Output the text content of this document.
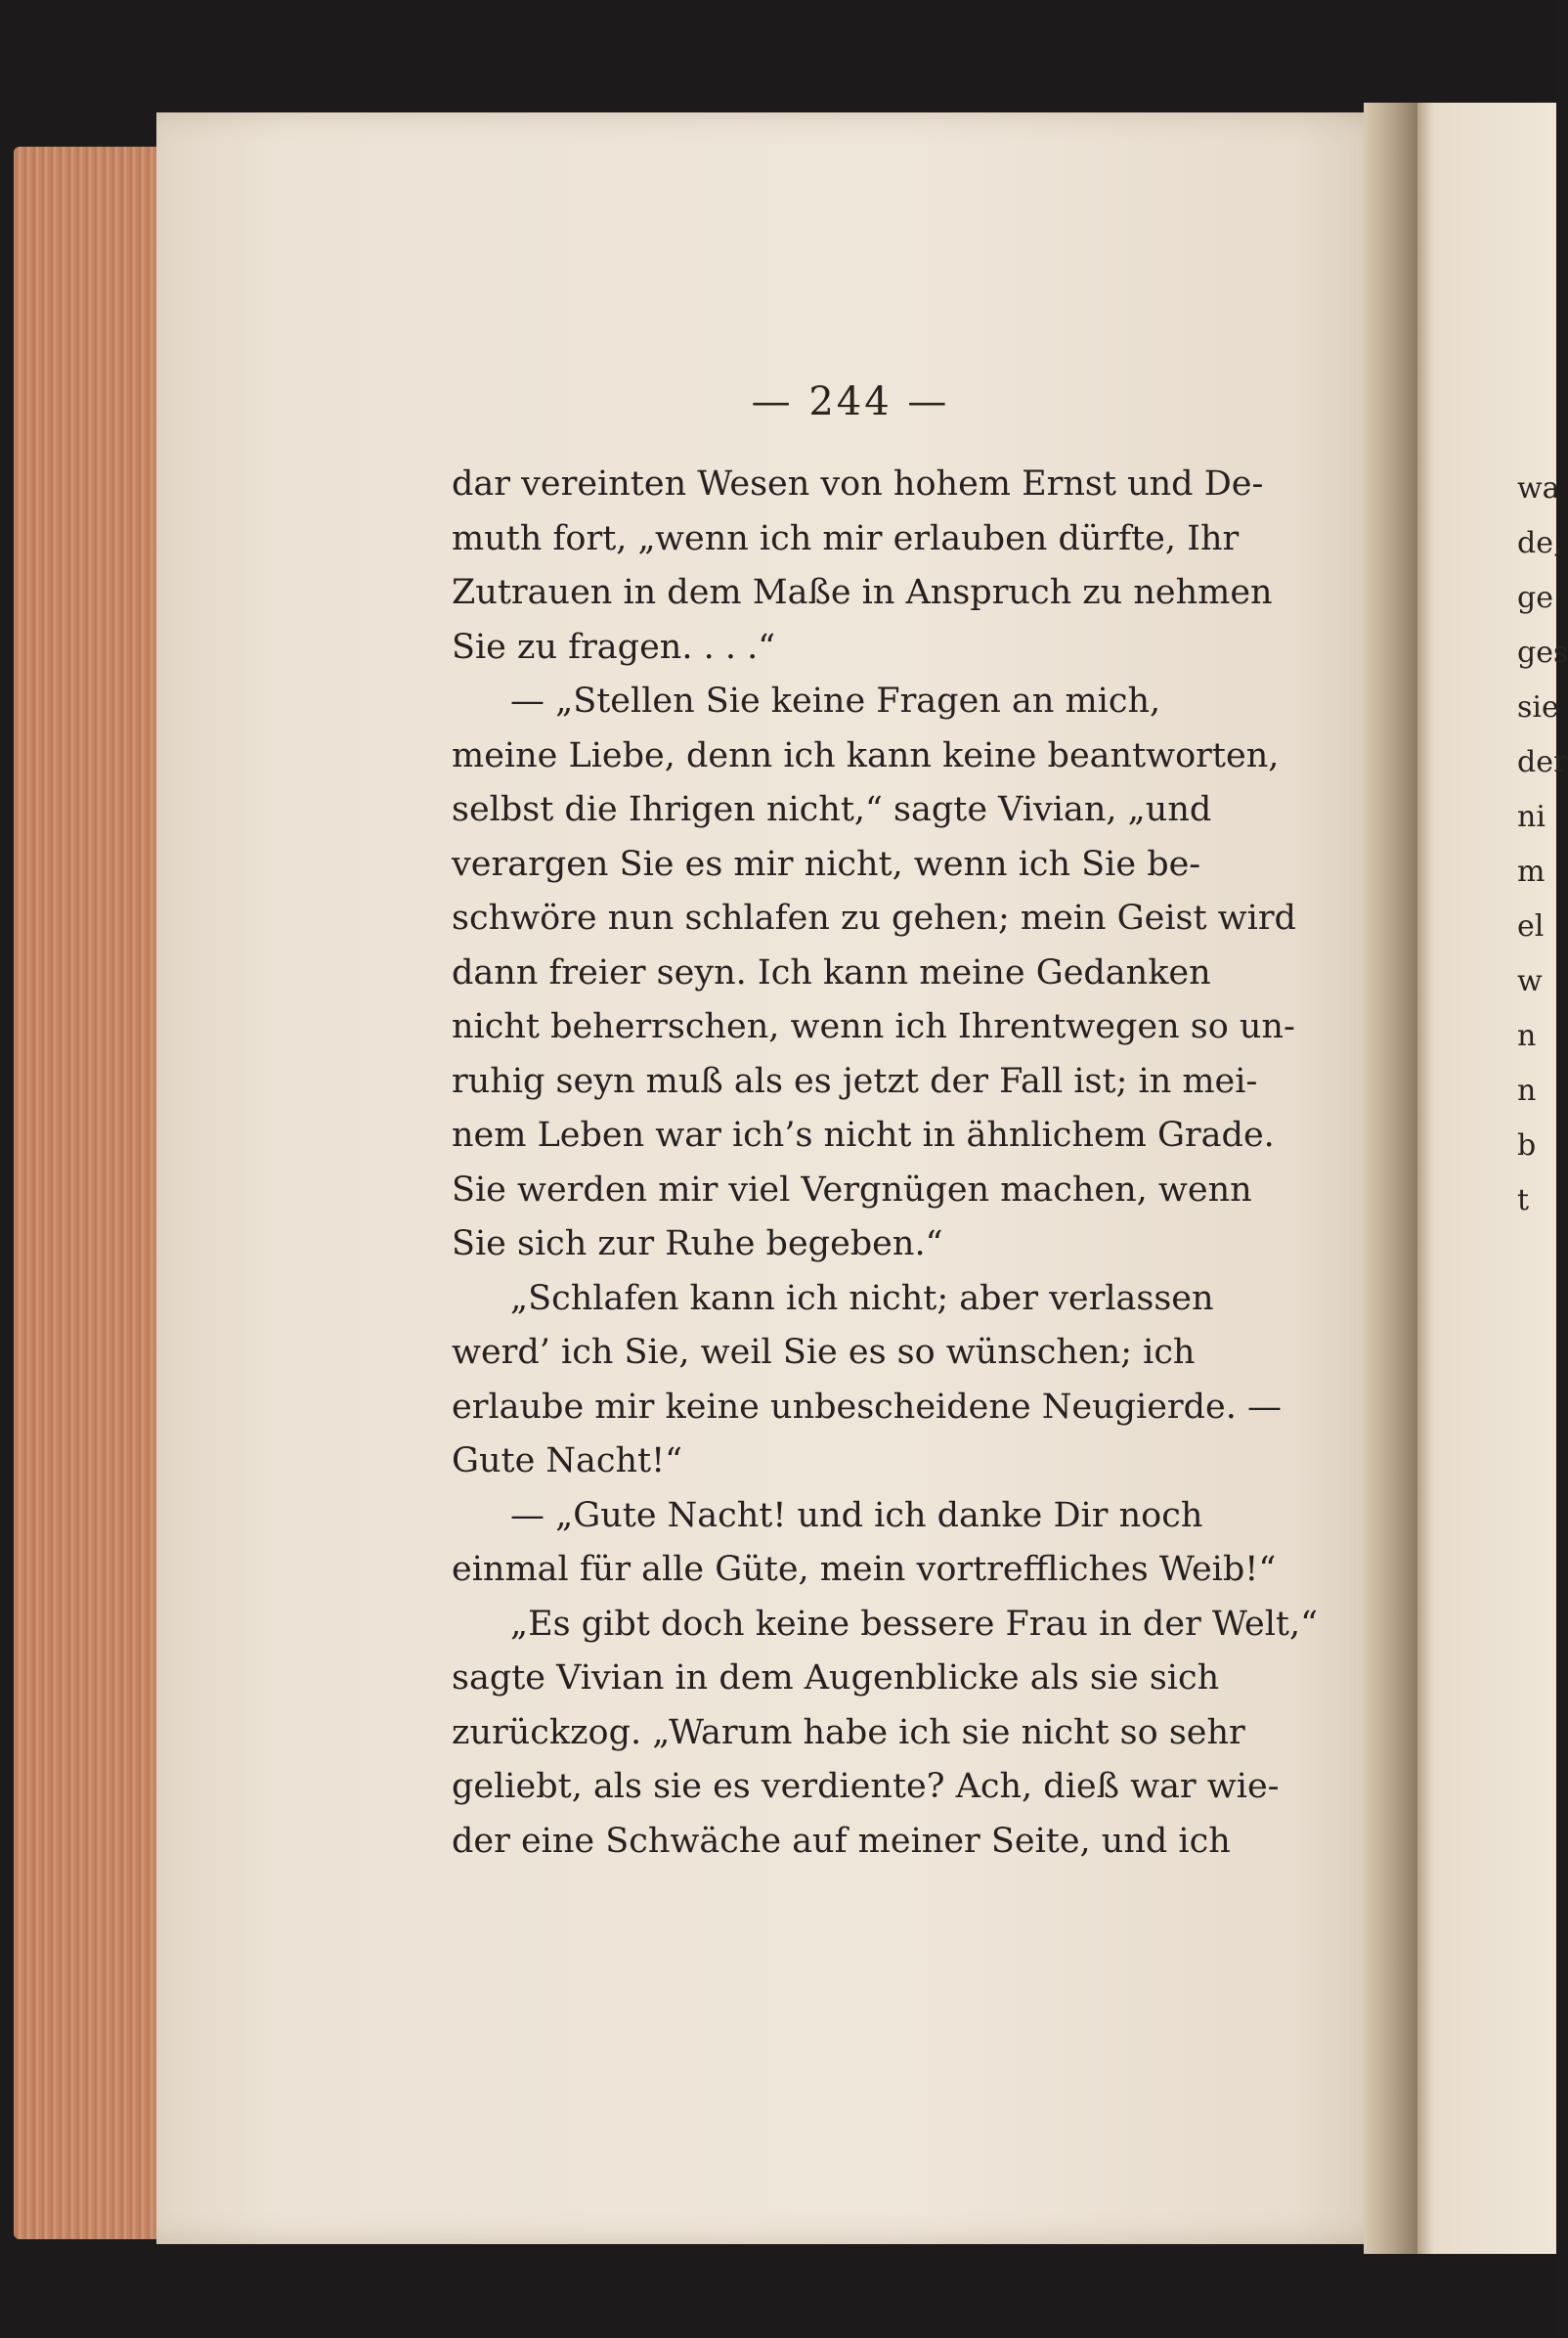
— 244 —
dar vereinten Wesen von hohem Ernst und De-
muth fort, „wenn ich mir erlauben dürfte, Ihr
Zutrauen in dem Maße in Anspruch zu nehmen
Sie zu fragen. . . .“
— „Stellen Sie keine Fragen an mich,
meine Liebe, denn ich kann keine beantworten,
selbst die Ihrigen nicht,“ sagte Vivian, „und
verargen Sie es mir nicht, wenn ich Sie be-
schwöre nun schlafen zu gehen; mein Geist wird
dann freier seyn. Ich kann meine Gedanken
nicht beherrschen, wenn ich Ihrentwegen so un-
ruhig seyn muß als es jetzt der Fall ist; in mei-
nem Leben war ich’s nicht in ähnlichem Grade.
Sie werden mir viel Vergnügen machen, wenn
Sie sich zur Ruhe begeben.“
„Schlafen kann ich nicht; aber verlassen
werd’ ich Sie, weil Sie es so wünschen; ich
erlaube mir keine unbescheidene Neugierde. —
Gute Nacht!“
— „Gute Nacht! und ich danke Dir noch
einmal für alle Güte, mein vortreffliches Weib!“
„Es gibt doch keine bessere Frau in der Welt,“
sagte Vivian in dem Augenblicke als sie sich
zurückzog. „Warum habe ich sie nicht so sehr
geliebt, als sie es verdiente? Ach, dieß war wie-
der eine Schwäche auf meiner Seite, und ich
wa
de,
ge
ges
sie
der
ni
m
el
w
n
n
b
t
